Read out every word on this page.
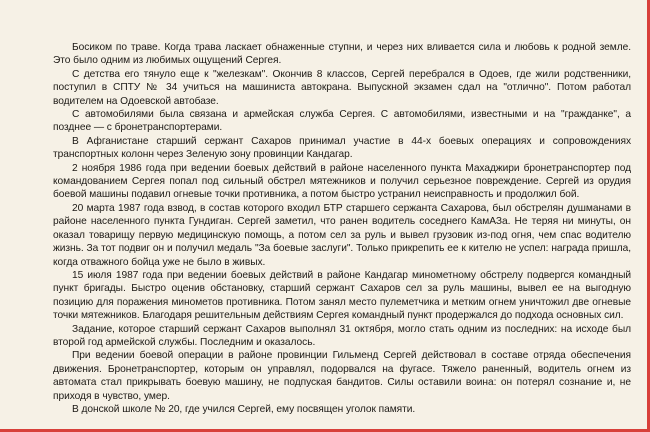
Босиком по траве. Когда трава ласкает обнаженные ступни, и через них вливается сила и любовь к родной земле. Это было одним из любимых ощущений Сергея.

С детства его тянуло еще к "железкам". Окончив 8 классов, Сергей перебрался в Одоев, где жили родственники, поступил в СПТУ № 34 учиться на машиниста автокрана. Выпускной экзамен сдал на "отлично". Потом работал водителем на Одоевской автобазе.

С автомобилями была связана и армейская служба Сергея. С автомобилями, известными и на "гражданке", а позднее — с бронетранспортерами.

В Афганистане старший сержант Сахаров принимал участие в 44-х боевых операциях и сопровождениях транспортных колонн через Зеленую зону провинции Кандагар.

2 ноября 1986 года при ведении боевых действий в районе населенного пункта Махаджири бронетранспортер под командованием Сергея попал под сильный обстрел мятежников и получил серьезное повреждение. Сергей из орудия боевой машины подавил огневые точки противника, а потом быстро устранил неисправность и продолжил бой.

20 марта 1987 года взвод, в состав которого входил БТР старшего сержанта Сахарова, был обстрелян душманами в районе населенного пункта Гундиган. Сергей заметил, что ранен водитель соседнего КамАЗа. Не теряя ни минуты, он оказал товарищу первую медицинскую помощь, а потом сел за руль и вывел грузовик из-под огня, чем спас водителю жизнь. За тот подвиг он и получил медаль "За боевые заслуги". Только прикрепить ее к кителю не успел: награда пришла, когда отважного бойца уже не было в живых.

15 июля 1987 года при ведении боевых действий в районе Кандагар минометному обстрелу подвергся командный пункт бригады. Быстро оценив обстановку, старший сержант Сахаров сел за руль машины, вывел ее на выгодную позицию для поражения минометов противника. Потом занял место пулеметчика и метким огнем уничтожил две огневые точки мятежников. Благодаря решительным действиям Сергея командный пункт продержался до подхода основных сил.

Задание, которое старший сержант Сахаров выполнял 31 октября, могло стать одним из последних: на исходе был второй год армейской службы. Последним и оказалось.

При ведении боевой операции в районе провинции Гильменд Сергей действовал в составе отряда обеспечения движения. Бронетранспортер, которым он управлял, подорвался на фугасе. Тяжело раненный, водитель огнем из автомата стал прикрывать боевую машину, не подпуская бандитов. Силы оставили воина: он потерял сознание и, не приходя в чувство, умер.

В донской школе № 20, где учился Сергей, ему посвящен уголок памяти.
